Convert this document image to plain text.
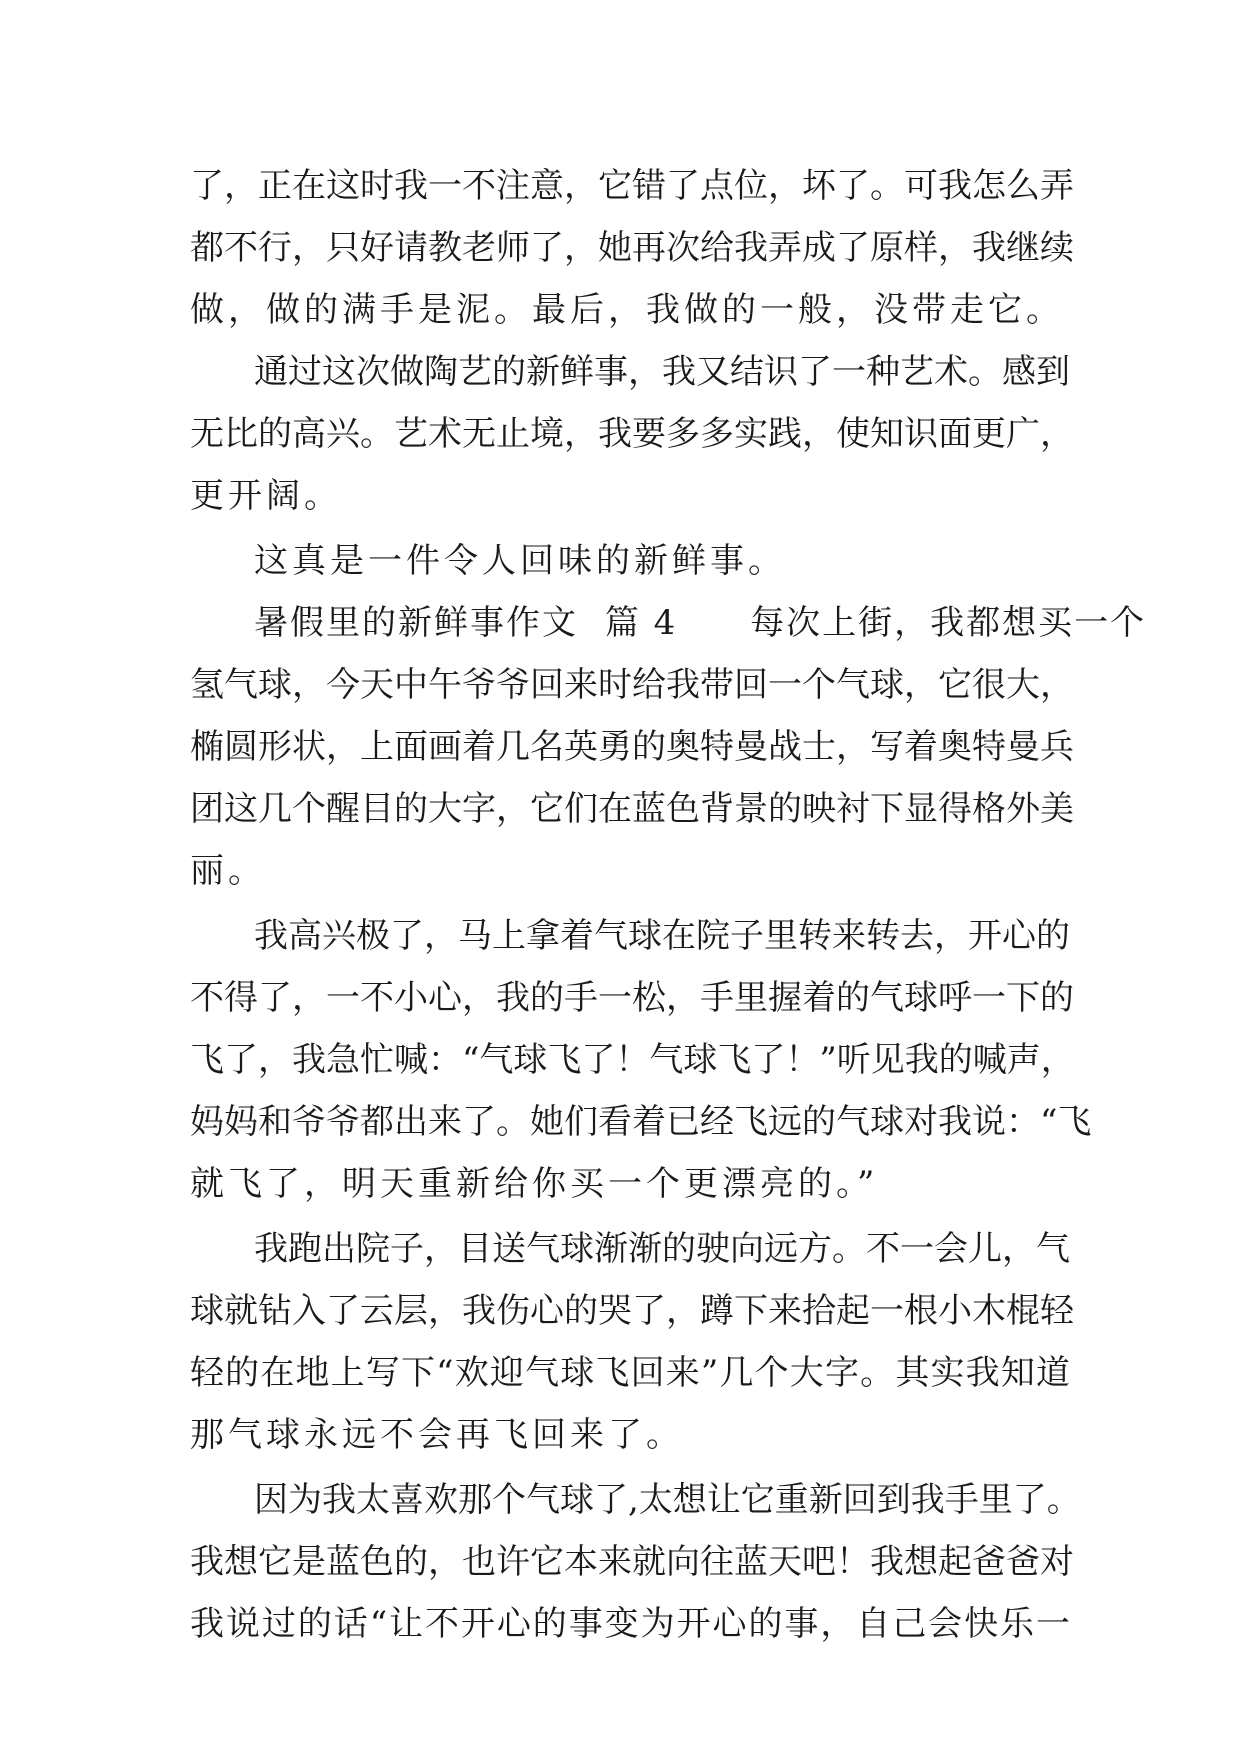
了，正在这时我一不注意，它错了点位，坏了。可我怎么弄
都不行，只好请教老师了，她再次给我弄成了原样，我继续
做，做的满手是泥。最后，我做的一般，没带走它。
通过这次做陶艺的新鲜事，我又结识了一种艺术。感到
无比的高兴。艺术无止境，我要多多实践，使知识面更广，
更开阔。
这真是一件令人回味的新鲜事。
暑假里的新鲜事作文 篇 4 每次上街，我都想买一个
氢气球，今天中午爷爷回来时给我带回一个气球，它很大，
椭圆形状，上面画着几名英勇的奥特曼战士，写着奥特曼兵
团这几个醒目的大字，它们在蓝色背景的映衬下显得格外美
丽。
我高兴极了，马上拿着气球在院子里转来转去，开心的
不得了，一不小心，我的手一松，手里握着的气球呼一下的
飞了，我急忙喊：“气球飞了！气球飞了！”听见我的喊声，
妈妈和爷爷都出来了。她们看着已经飞远的气球对我说：“飞
就飞了，明天重新给你买一个更漂亮的。”
我跑出院子，目送气球渐渐的驶向远方。不一会儿，气
球就钻入了云层，我伤心的哭了，蹲下来拾起一根小木棍轻
轻的在地上写下“欢迎气球飞回来”几个大字。其实我知道
那气球永远不会再飞回来了。
因为我太喜欢那个气球了,太想让它重新回到我手里了。
我想它是蓝色的，也许它本来就向往蓝天吧！我想起爸爸对
我说过的话“让不开心的事变为开心的事，自己会快乐一
